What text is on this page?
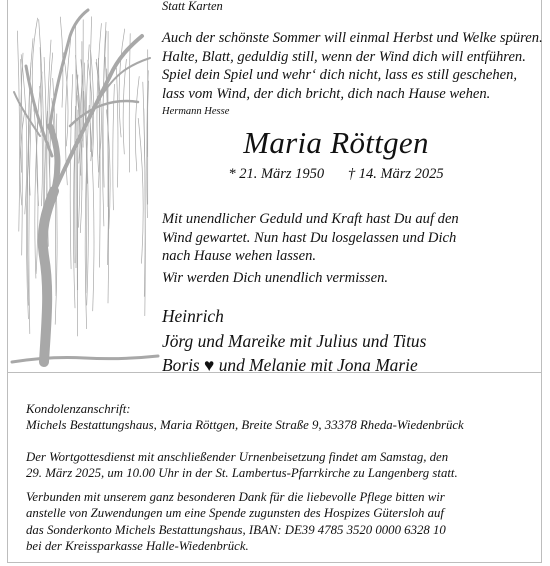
Statt Karten
Auch der schönste Sommer will einmal Herbst und Welke spüren.
Halte, Blatt, geduldig still, wenn der Wind dich will entführen.
Spiel dein Spiel und wehr‘ dich nicht, lass es still geschehen,
lass vom Wind, der dich bricht, dich nach Hause wehen.
Hermann Hesse
Maria Röttgen
* 21. März 1950 † 14. März 2025
Mit unendlicher Geduld und Kraft hast Du auf den
Wind gewartet. Nun hast Du losgelassen und Dich
nach Hause wehen lassen.
Wir werden Dich unendlich vermissen.
Heinrich
Jörg und Mareike mit Julius und Titus
Boris ♥ und Melanie mit Jona Marie
Kondolenzanschrift:
Michels Bestattungshaus, Maria Röttgen, Breite Straße 9, 33378 Rheda-Wiedenbrück
Der Wortgottesdienst mit anschließender Urnenbeisetzung findet am Samstag, den
29. März 2025, um 10.00 Uhr in der St. Lambertus-Pfarrkirche zu Langenberg statt.
Verbunden mit unserem ganz besonderen Dank für die liebevolle Pflege bitten wir
anstelle von Zuwendungen um eine Spende zugunsten des Hospizes Gütersloh auf
das Sonderkonto Michels Bestattungshaus, IBAN: DE39 4785 3520 0000 6328 10
bei der Kreissparkasse Halle-Wiedenbrück.
